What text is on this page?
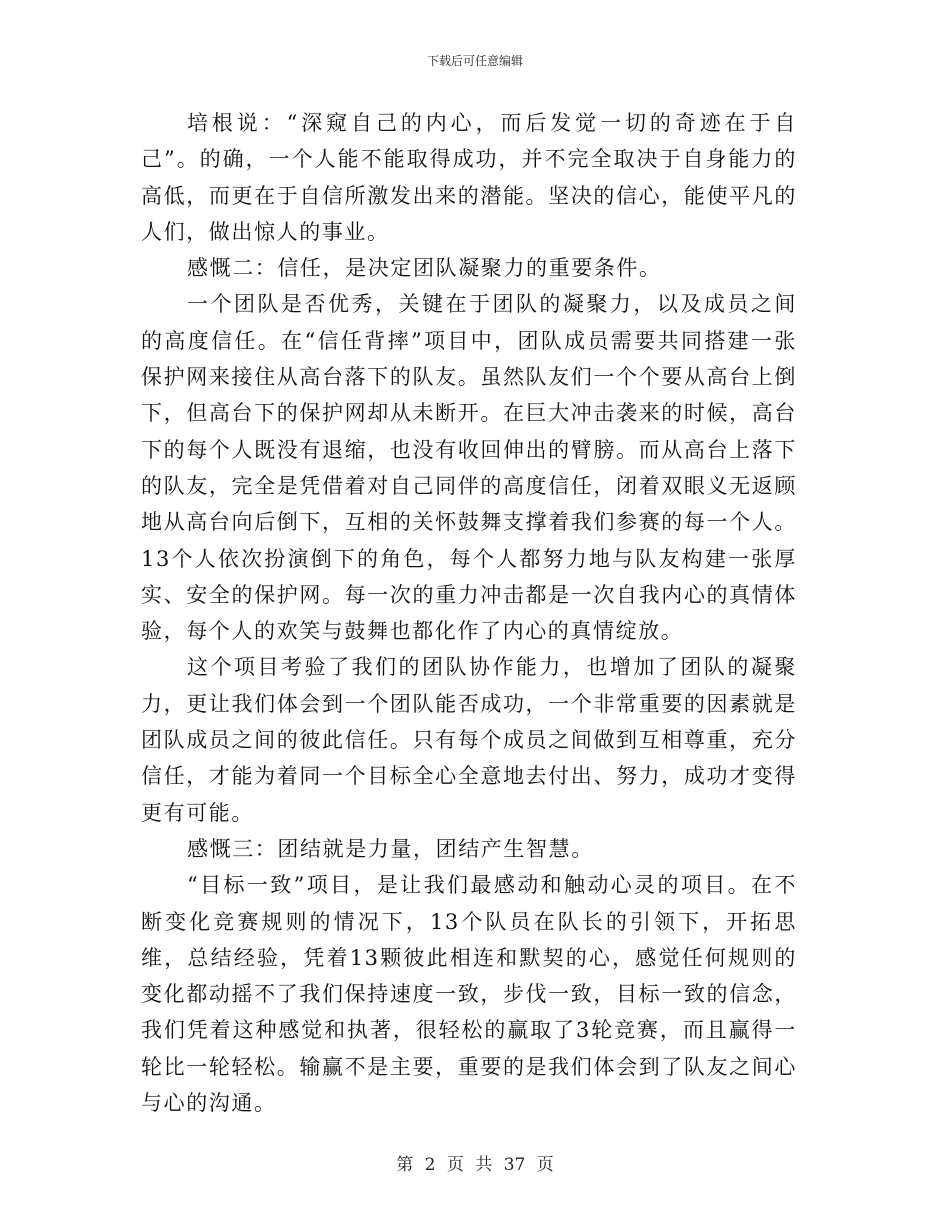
下载后可任意编辑

培根说：“深窥自己的内心，而后发觉一切的奇迹在于自己”。的确，一个人能不能取得成功，并不完全取决于自身能力的高低，而更在于自信所激发出来的潜能。坚决的信心，能使平凡的人们，做出惊人的事业。

感慨二：信任，是决定团队凝聚力的重要条件。

一个团队是否优秀，关键在于团队的凝聚力，以及成员之间的高度信任。在“信任背摔”项目中，团队成员需要共同搭建一张保护网来接住从高台落下的队友。虽然队友们一个个要从高台上倒下，但高台下的保护网却从未断开。在巨大冲击袭来的时候，高台下的每个人既没有退缩，也没有收回伸出的臂膀。而从高台上落下的队友，完全是凭借着对自己同伴的高度信任，闭着双眼义无返顾地从高台向后倒下，互相的关怀鼓舞支撑着我们参赛的每一个人。13个人依次扮演倒下的角色，每个人都努力地与队友构建一张厚实、安全的保护网。每一次的重力冲击都是一次自我内心的真情体验，每个人的欢笑与鼓舞也都化作了内心的真情绽放。

这个项目考验了我们的团队协作能力，也增加了团队的凝聚力，更让我们体会到一个团队能否成功，一个非常重要的因素就是团队成员之间的彼此信任。只有每个成员之间做到互相尊重，充分信任，才能为着同一个目标全心全意地去付出、努力，成功才变得更有可能。

感慨三：团结就是力量，团结产生智慧。

“目标一致”项目，是让我们最感动和触动心灵的项目。在不断变化竞赛规则的情况下，13个队员在队长的引领下，开拓思维，总结经验，凭着13颗彼此相连和默契的心，感觉任何规则的变化都动摇不了我们保持速度一致，步伐一致，目标一致的信念，我们凭着这种感觉和执著，很轻松的赢取了3轮竞赛，而且赢得一轮比一轮轻松。输赢不是主要，重要的是我们体会到了队友之间心与心的沟通。

第 2 页 共 37 页
